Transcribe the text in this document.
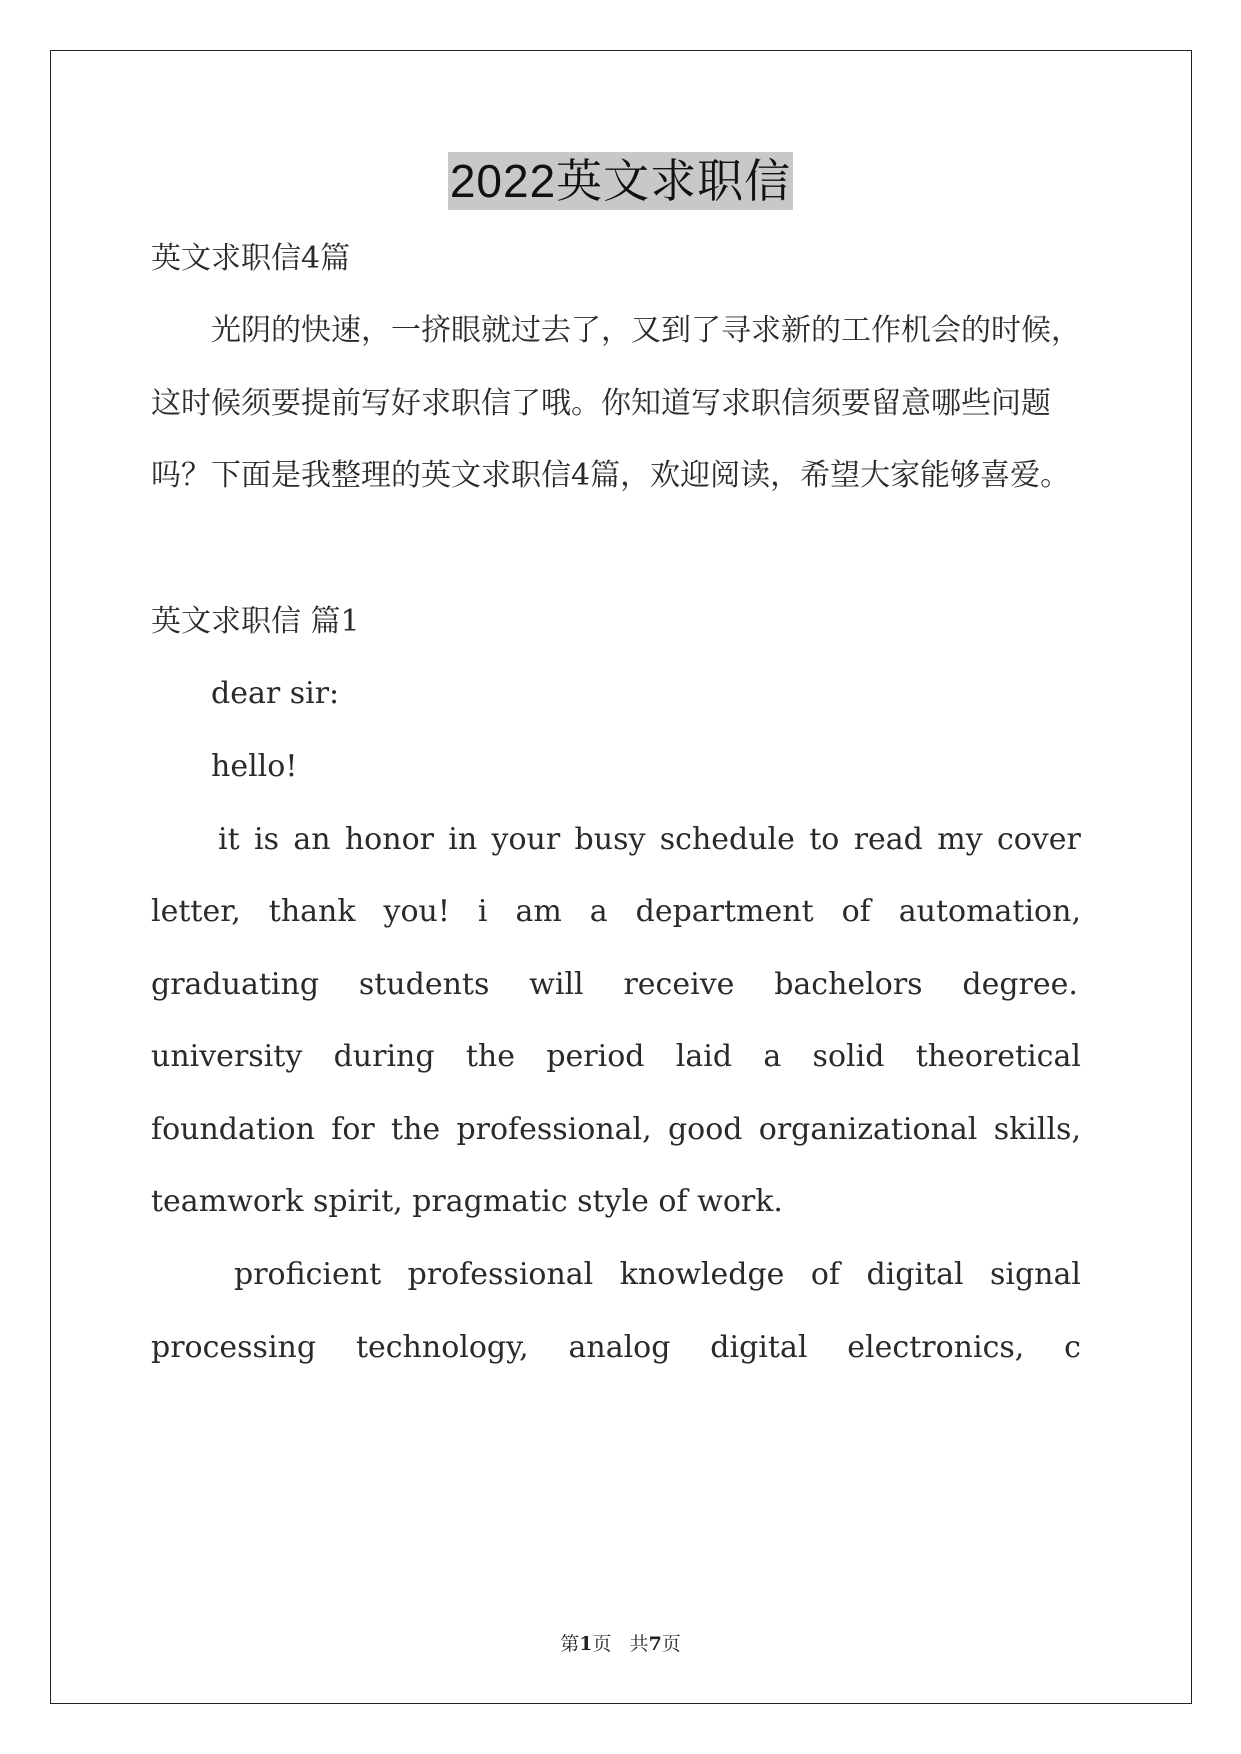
2022英文求职信
英文求职信4篇
光阴的快速，一挤眼就过去了，又到了寻求新的工作机会的时候，
这时候须要提前写好求职信了哦。你知道写求职信须要留意哪些问题
吗？下面是我整理的英文求职信4篇，欢迎阅读，希望大家能够喜爱。
英文求职信 篇1
dear sir:
hello!
it is an honor in your busy schedule to read my cover
letter, thank you! i am a department of automation,
graduating students will receive bachelors degree.
university during the period laid a solid theoretical
foundation for the professional, good organizational skills,
teamwork spirit, pragmatic style of work.
proficient professional knowledge of digital signal
processing technology, analog digital electronics, c
第1页   共7页
